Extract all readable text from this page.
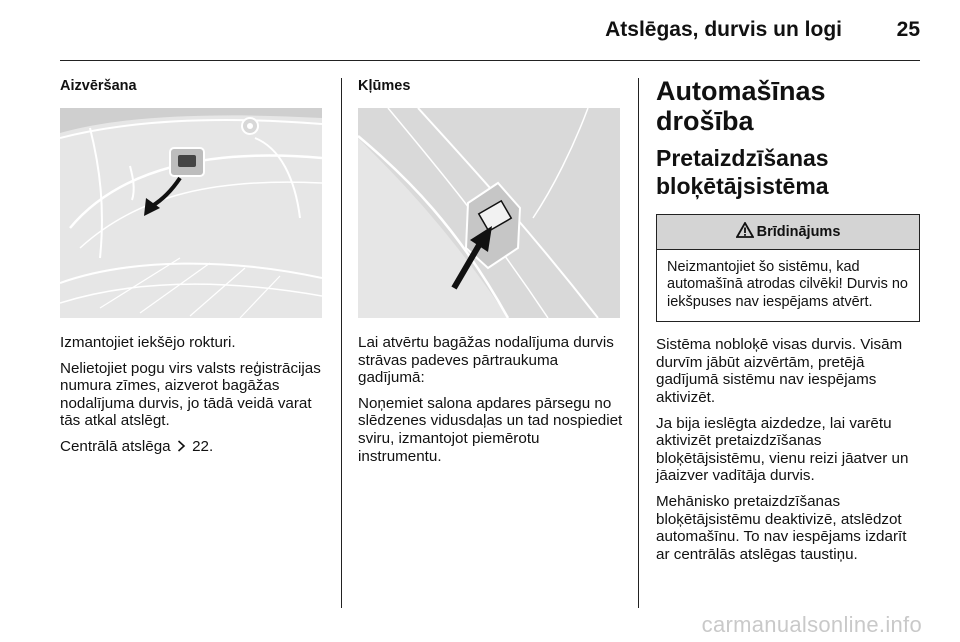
Atslēgas, durvis un logi	25
Aizvēršana

Izmantojiet iekšējo rokturi.

Nelietojiet pogu virs valsts reģistrācijas numura zīmes, aizverot bagāžas nodalījuma durvis, jo tādā veidā varat tās atkal atslēgt.

Centrālā atslēga 22.

Kļūmes

Lai atvērtu bagāžas nodalījuma durvis strāvas padeves pārtraukuma gadījumā:

Noņemiet salona apdares pārsegu no slēdzenes vidusdaļas un tad nospiediet sviru, izmantojot piemērotu instrumentu.

Automašīnas drošība
Pretaizdzīšanas bloķētājsistēma
Brīdinājums
Neizmantojiet šo sistēmu, kad automašīnā atrodas cilvēki! Durvis no iekšpuses nav iespējams atvērt.

Sistēma nobloķē visas durvis. Visām durvīm jābūt aizvērtām, pretējā gadījumā sistēmu nav iespējams aktivizēt.

Ja bija ieslēgta aizdedze, lai varētu aktivizēt pretaizdzīšanas bloķētājsistēmu, vienu reizi jāatver un jāaizver vadītāja durvis.

Mehānisko pretaizdzīšanas bloķētājsistēmu deaktivizē, atslēdzot automašīnu. To nav iespējams izdarīt ar centrālās atslēgas taustiņu.

carmanualsonline.info
